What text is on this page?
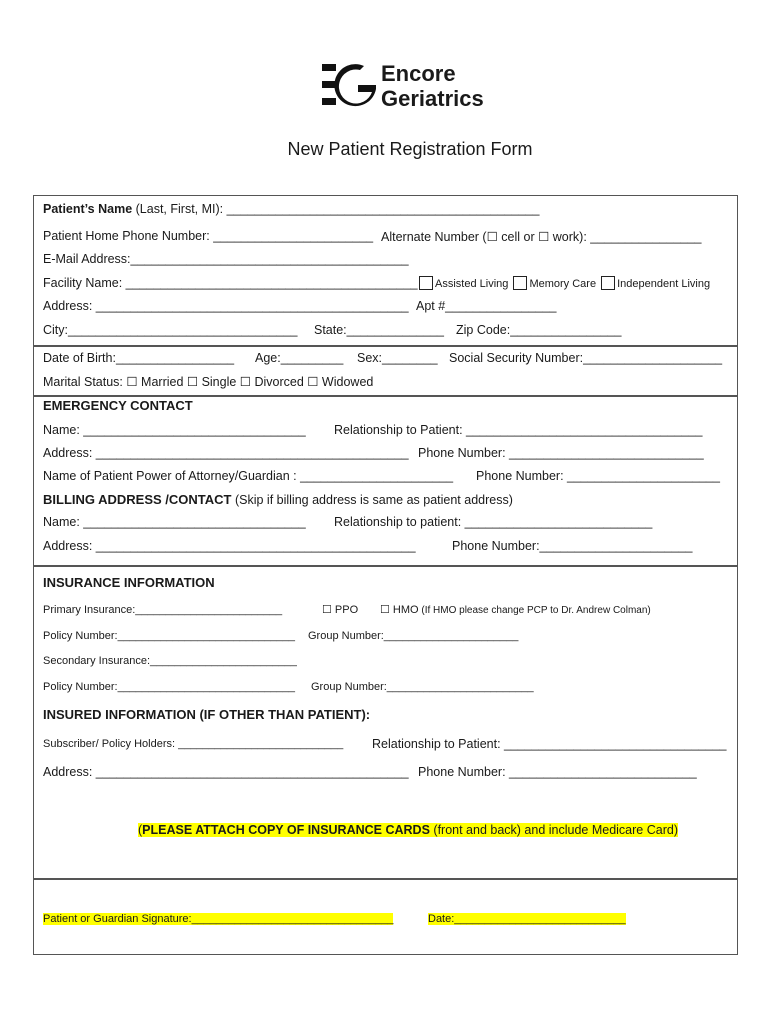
Encore
Geriatrics
New Patient Registration Form
Patient’s Name (Last, First, MI): _____________________________________________
Patient Home Phone Number: _______________________ Alternate Number (☐ cell or ☐ work): ________________
E-Mail Address:________________________________________
Facility Name: __________________________________________	Assisted Living Memory Care Independent Living
Address: _____________________________________________ Apt #________________
City:_________________________________ State:______________ Zip Code:________________
Date of Birth:_________________ Age:_________ Sex:________ Social Security Number:____________________
Marital Status: ☐ Married ☐ Single ☐ Divorced ☐ Widowed
EMERGENCY CONTACT
Name: ________________________________ Relationship to Patient: __________________________________
Address: _____________________________________________ Phone Number: ____________________________
Name of Patient Power of Attorney/Guardian : ______________________ Phone Number: ______________________
BILLING ADDRESS /CONTACT (Skip if billing address is same as patient address)
Name: ________________________________ Relationship to patient: ___________________________
Address: ______________________________________________	Phone Number:______________________
INSURANCE INFORMATION
Primary Insurance:________________________	☐ PPO ☐ HMO (If HMO please change PCP to Dr. Andrew Colman)
Policy Number:_____________________________ Group Number:______________________
Secondary Insurance:________________________
Policy Number:_____________________________ Group Number:________________________
INSURED INFORMATION (IF OTHER THAN PATIENT):
Subscriber/ Policy Holders: ___________________________ Relationship to Patient: ________________________________
Address: _____________________________________________ Phone Number: ___________________________
(PLEASE ATTACH COPY OF INSURANCE CARDS (front and back) and include Medicare Card)
Patient or Guardian Signature:_________________________________	Date:____________________________
